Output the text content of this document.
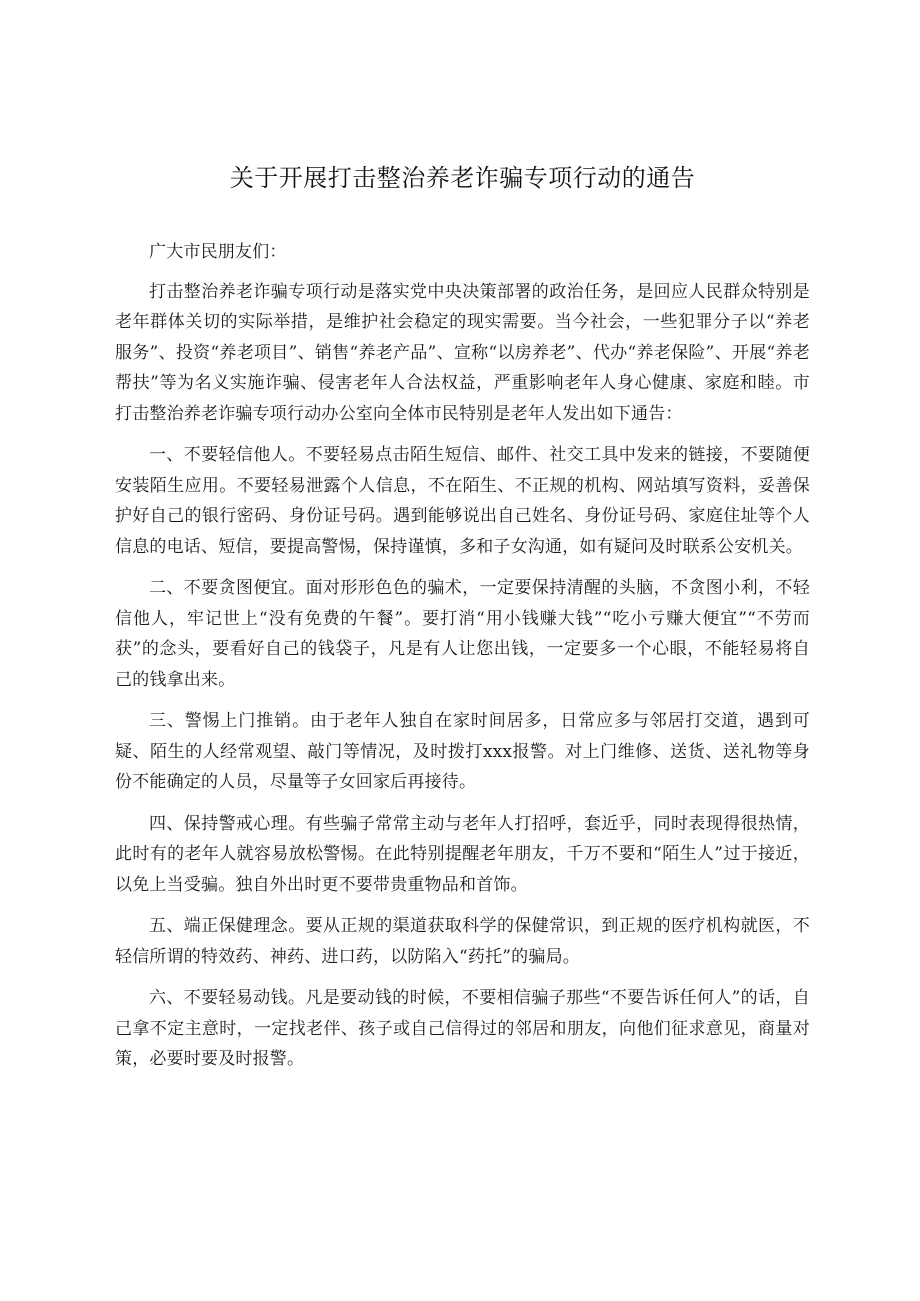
关于开展打击整治养老诈骗专项行动的通告

广大市民朋友们：

打击整治养老诈骗专项行动是落实党中央决策部署的政治任务，是回应人民群众特别是老年群体关切的实际举措，是维护社会稳定的现实需要。当今社会，一些犯罪分子以“养老服务”、投资“养老项目”、销售“养老产品”、宣称“以房养老”、代办“养老保险”、开展“养老帮扶”等为名义实施诈骗、侵害老年人合法权益，严重影响老年人身心健康、家庭和睦。市打击整治养老诈骗专项行动办公室向全体市民特别是老年人发出如下通告：

一、不要轻信他人。不要轻易点击陌生短信、邮件、社交工具中发来的链接，不要随便安装陌生应用。不要轻易泄露个人信息，不在陌生、不正规的机构、网站填写资料，妥善保护好自己的银行密码、身份证号码。遇到能够说出自己姓名、身份证号码、家庭住址等个人信息的电话、短信，要提高警惕，保持谨慎，多和子女沟通，如有疑问及时联系公安机关。

二、不要贪图便宜。面对形形色色的骗术，一定要保持清醒的头脑，不贪图小利，不轻信他人，牢记世上“没有免费的午餐”。要打消“用小钱赚大钱”“吃小亏赚大便宜”“不劳而获”的念头，要看好自己的钱袋子，凡是有人让您出钱，一定要多一个心眼，不能轻易将自己的钱拿出来。

三、警惕上门推销。由于老年人独自在家时间居多，日常应多与邻居打交道，遇到可疑、陌生的人经常观望、敲门等情况，及时拨打xxx报警。对上门维修、送货、送礼物等身份不能确定的人员，尽量等子女回家后再接待。

四、保持警戒心理。有些骗子常常主动与老年人打招呼，套近乎，同时表现得很热情，此时有的老年人就容易放松警惕。在此特别提醒老年朋友，千万不要和“陌生人”过于接近，以免上当受骗。独自外出时更不要带贵重物品和首饰。

五、端正保健理念。要从正规的渠道获取科学的保健常识，到正规的医疗机构就医，不轻信所谓的特效药、神药、进口药，以防陷入“药托”的骗局。

六、不要轻易动钱。凡是要动钱的时候，不要相信骗子那些“不要告诉任何人”的话，自己拿不定主意时，一定找老伴、孩子或自己信得过的邻居和朋友，向他们征求意见，商量对策，必要时要及时报警。
